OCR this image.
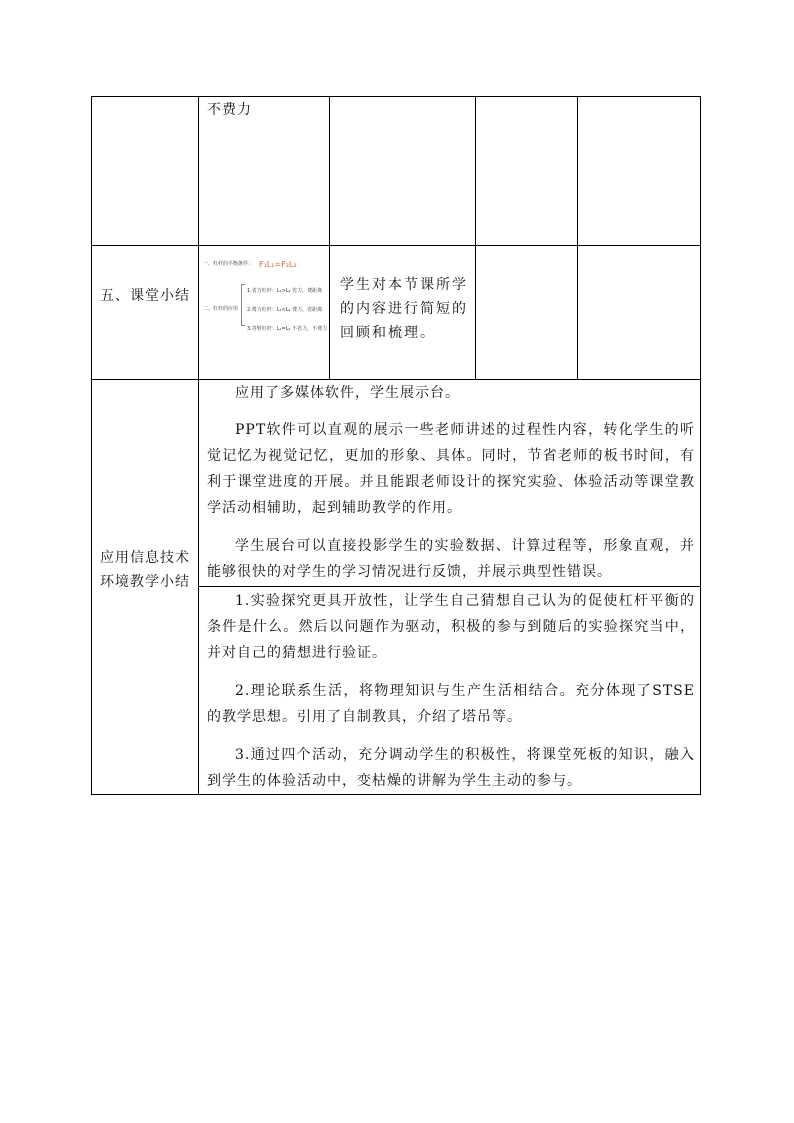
不费力
五、课堂小结
一、杠杆的平衡条件： F₁L₁=F₂L₂
二、杠杆的应用
1.省力杠杆：L₁>L₂ 省力，费距离
2.费力杠杆：L₁<L₂ 费力，省距离
3.等臂杠杆：L₁=L₂ 不省力，不费力
学生对本节课所学的内容进行简短的回顾和梳理。
应用信息技术环境教学小结

应用了多媒体软件，学生展示台。

PPT软件可以直观的展示一些老师讲述的过程性内容，转化学生的听觉记忆为视觉记忆，更加的形象、具体。同时，节省老师的板书时间，有利于课堂进度的开展。并且能跟老师设计的探究实验、体验活动等课堂教学活动相辅助，起到辅助教学的作用。

学生展台可以直接投影学生的实验数据、计算过程等，形象直观，并能够很快的对学生的学习情况进行反馈，并展示典型性错误。

1.实验探究更具开放性，让学生自己猜想自己认为的促使杠杆平衡的条件是什么。然后以问题作为驱动，积极的参与到随后的实验探究当中，并对自己的猜想进行验证。

2.理论联系生活，将物理知识与生产生活相结合。充分体现了STSE的教学思想。引用了自制教具，介绍了塔吊等。

3.通过四个活动，充分调动学生的积极性，将课堂死板的知识，融入到学生的体验活动中，变枯燥的讲解为学生主动的参与。
